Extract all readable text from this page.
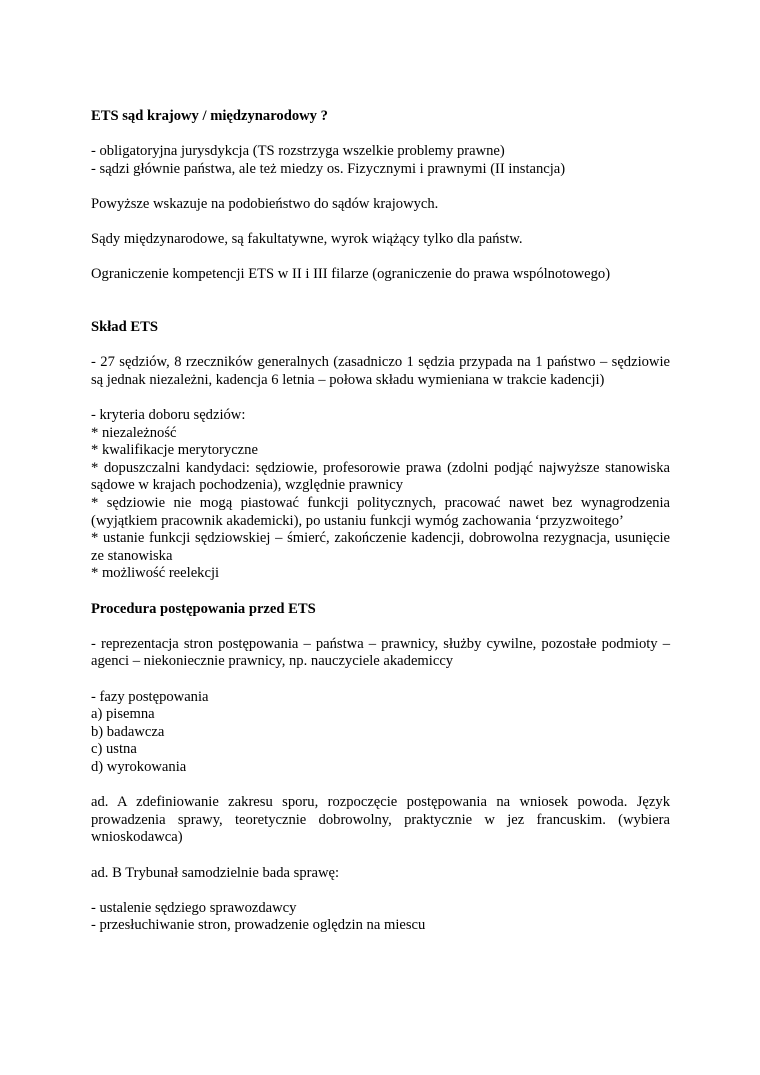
ETS sąd krajowy / międzynarodowy ?
- obligatoryjna jurysdykcja (TS rozstrzyga wszelkie problemy prawne)
- sądzi głównie państwa, ale też miedzy os. Fizycznymi i prawnymi (II instancja)
Powyższe wskazuje na podobieństwo do sądów krajowych.
Sądy międzynarodowe, są fakultatywne, wyrok wiążący tylko dla państw.
Ograniczenie kompetencji ETS w II i III filarze (ograniczenie do prawa wspólnotowego)
Skład ETS
- 27 sędziów, 8 rzeczników generalnych (zasadniczo 1 sędzia przypada na 1 państwo – sędziowie są jednak niezależni, kadencja 6 letnia – połowa składu wymieniana w trakcie kadencji)
- kryteria doboru sędziów:
* niezależność
* kwalifikacje merytoryczne
* dopuszczalni kandydaci: sędziowie, profesorowie prawa (zdolni podjąć najwyższe stanowiska sądowe w krajach pochodzenia), względnie prawnicy
* sędziowie nie mogą piastować funkcji politycznych, pracować nawet bez wynagrodzenia (wyjątkiem pracownik akademicki), po ustaniu funkcji wymóg zachowania ‘przyzwoitego’
* ustanie funkcji sędziowskiej – śmierć, zakończenie kadencji, dobrowolna rezygnacja, usunięcie ze stanowiska
* możliwość reelekcji
Procedura postępowania przed ETS
- reprezentacja stron postępowania – państwa – prawnicy, służby cywilne, pozostałe podmioty – agenci – niekoniecznie prawnicy, np. nauczyciele akademiccy
- fazy postępowania
a) pisemna
b) badawcza
c) ustna
d) wyrokowania
ad. A zdefiniowanie zakresu sporu, rozpoczęcie postępowania na wniosek powoda. Język prowadzenia sprawy, teoretycznie dobrowolny, praktycznie w jez francuskim. (wybiera wnioskodawca)
ad. B Trybunał samodzielnie bada sprawę:
- ustalenie sędziego sprawozdawcy
- przesłuchiwanie stron, prowadzenie oględzin na miescu
